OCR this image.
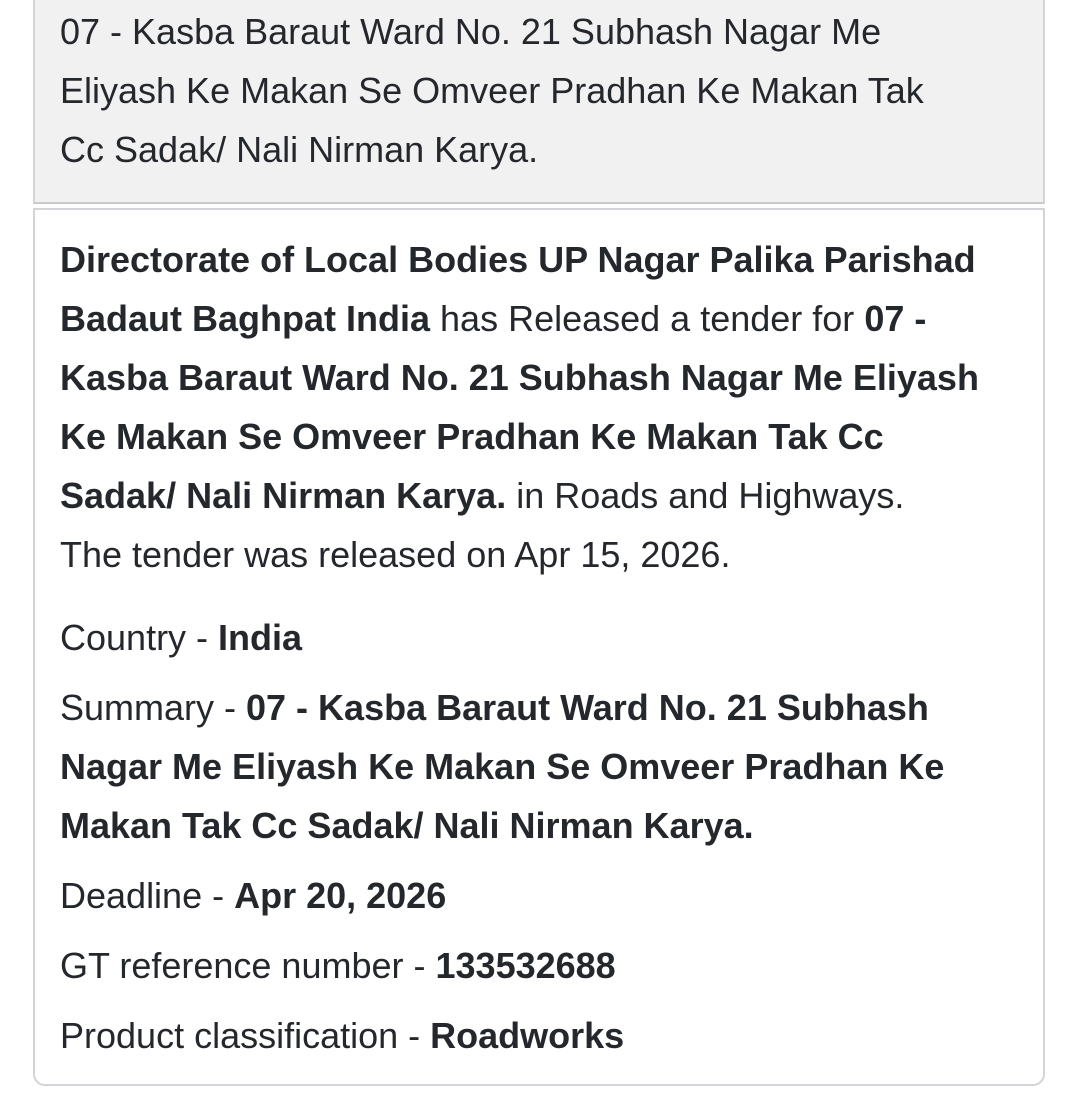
07 - Kasba Baraut Ward No. 21 Subhash Nagar Me
Eliyash Ke Makan Se Omveer Pradhan Ke Makan Tak
Cc Sadak/ Nali Nirman Karya.

Directorate of Local Bodies UP Nagar Palika Parishad
Badaut Baghpat India has Released a tender for 07 -
Kasba Baraut Ward No. 21 Subhash Nagar Me Eliyash
Ke Makan Se Omveer Pradhan Ke Makan Tak Cc
Sadak/ Nali Nirman Karya. in Roads and Highways.
The tender was released on Apr 15, 2026.

Country - India

Summary - 07 - Kasba Baraut Ward No. 21 Subhash
Nagar Me Eliyash Ke Makan Se Omveer Pradhan Ke
Makan Tak Cc Sadak/ Nali Nirman Karya.

Deadline - Apr 20, 2026

GT reference number - 133532688

Product classification - Roadworks
